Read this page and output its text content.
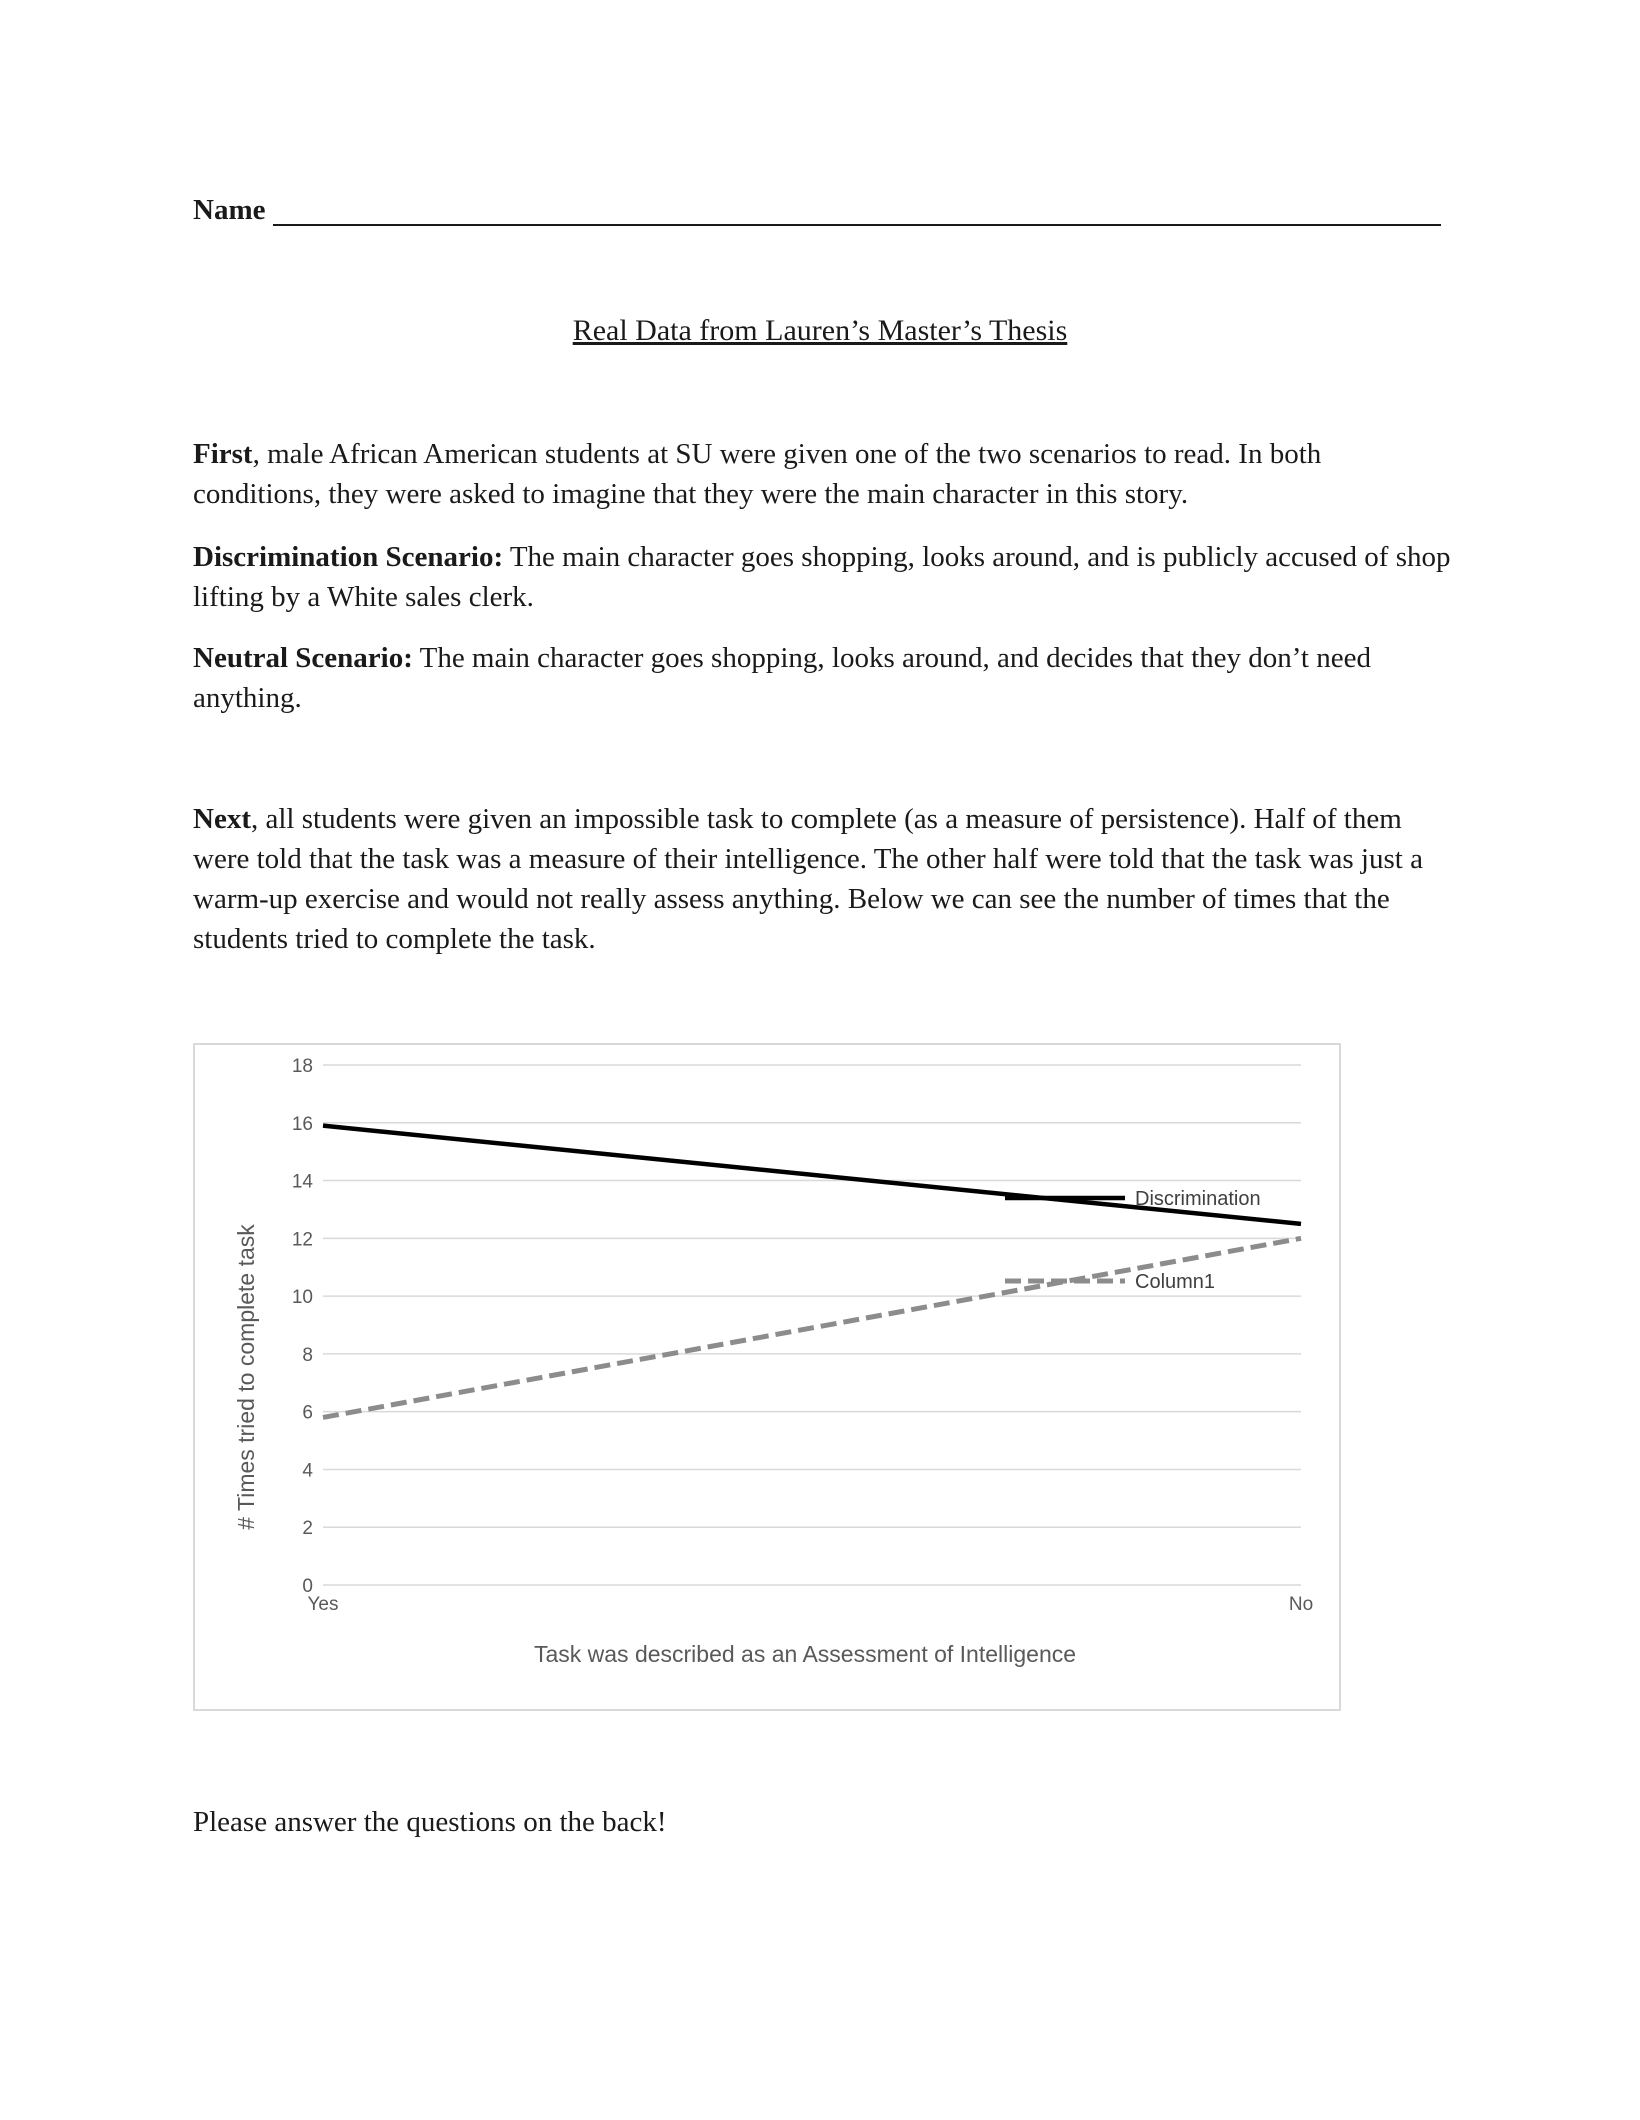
Name
Real Data from Lauren’s Master’s Thesis

First, male African American students at SU were given one of the two scenarios to read. In both conditions, they were asked to imagine that they were the main character in this story.

Discrimination Scenario: The main character goes shopping, looks around, and is publicly accused of shop lifting by a White sales clerk.

Neutral Scenario: The main character goes shopping, looks around, and decides that they don’t need anything.

Next, all students were given an impossible task to complete (as a measure of persistence). Half of them were told that the task was a measure of their intelligence. The other half were told that the task was just a warm-up exercise and would not really assess anything. Below we can see the number of times that the students tried to complete the task.

0
2
4
6
8
10
12
14
16
18
Yes	No
Discrimination
Column1
# Times tried to complete task
Task was described as an Assessment of Intelligence

Please answer the questions on the back!
